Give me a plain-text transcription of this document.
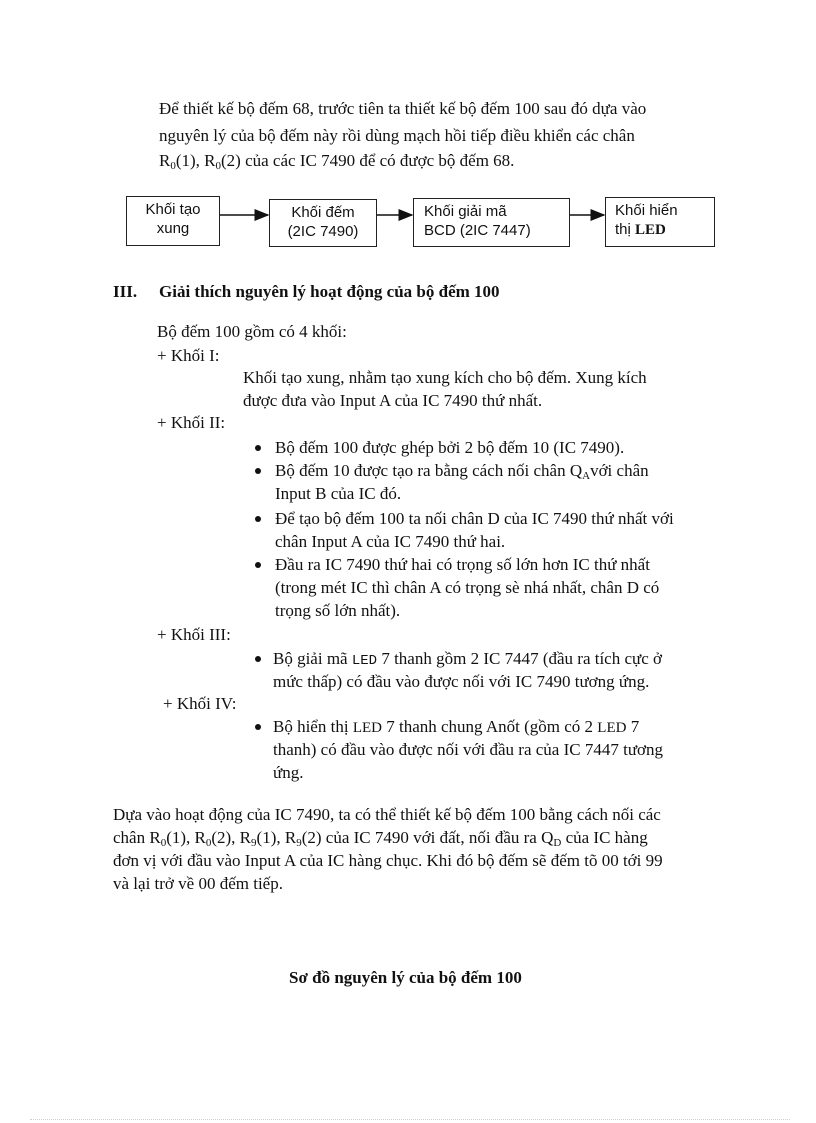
Để thiết kế bộ đếm 68, trước tiên ta thiết kế bộ đếm 100 sau đó dựa vào
nguyên lý của bộ đếm này rồi dùng mạch hồi tiếp điều khiển các chân
$R_0(1)$, $R_0(2)$ của các IC 7490 để có được bộ đếm 68.
Khối tạo
xung
Khối đếm
(2IC 7490)
Khối giải mã
BCD (2IC 7447)
Khối hiển
thị LED
III. Giải thích nguyên lý hoạt động của bộ đếm 100
Bộ đếm 100 gồm có 4 khối:
+ Khối I:
Khối tạo xung, nhằm tạo xung kích cho bộ đếm. Xung kích
được đưa vào Input A của IC 7490 thứ nhất.
+ Khối II:
Bộ đếm 100 được ghép bởi 2 bộ đếm 10 (IC 7490).
Bộ đếm 10 được tạo ra bằng cách nối chân $Q_Avới$ chân
Input B của IC đó.
Để tạo bộ đếm 100 ta nối chân D của IC 7490 thứ nhất với
chân Input A của IC 7490 thứ hai.
Đầu ra IC 7490 thứ hai có trọng số lớn hơn IC thứ nhất
(trong mét IC thì chân A có trọng sè nhá nhất, chân D có
trọng số lớn nhất).
+ Khối III:
Bộ giải mã LED 7 thanh gồm 2 IC 7447 (đầu ra tích cực ở
mức thấp) có đầu vào được nối với IC 7490 tương ứng.
+ Khối IV:
Bộ hiển thị LED 7 thanh chung Anốt (gồm có 2 LED 7
thanh) có đầu vào được nối với đầu ra của IC 7447 tương
ứng.
Dựa vào hoạt động của IC 7490, ta có thể thiết kế bộ đếm 100 bằng cách nối các
chân $R_0(1)$, $R_0(2)$, $R_9(1)$, $R_9(2)$ của IC 7490 với đất, nối đầu ra $Q_D$ của IC hàng
đơn vị với đầu vào Input A của IC hàng chục. Khi đó bộ đếm sẽ đếm tõ 00 tới 99
và lại trở về 00 đếm tiếp.
Sơ đồ nguyên lý của bộ đếm 100
